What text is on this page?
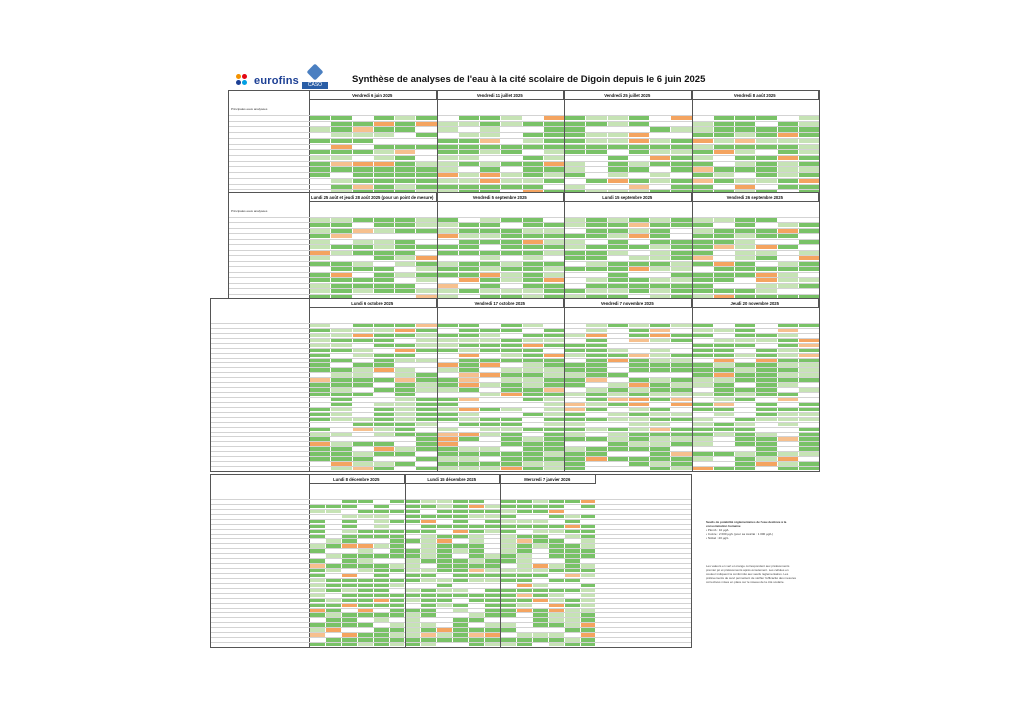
eurofins	CASO	Synthèse de analyses de l'eau à la cité scolaire de Digoin depuis le 6 juin 2025
Vendredi 6 juin 2025	Vendredi 11 juillet 2025	Vendredi 25 juillet 2025	Vendredi 8 août 2025
Principales eaux analysées
Lundi 25 août et jeudi 28 août 2025 (pour un point de mesure)	Vendredi 5 septembre 2025	Lundi 15 septembre 2025	Vendredi 26 septembre 2025
Principales eaux analysées
Lundi 6 octobre 2025	Vendredi 17 octobre 2025	Vendredi 7 novembre 2025	Jeudi 20 novembre 2025
Lundi 8 décembre 2025	Lundi 15 décembre 2025	Mercredi 7 janvier 2026
Seuils de potabilité réglementaires de l'eau destinée à la consommation humaine
• Plomb : 10 µg/L
• Cuivre : 2 000 µg/L (pour sa toxicité : 1 000 µg/L)
• Nickel : 20 µg/L
Les valeurs en vert et orange correspondent aux prélèvements premier jet et prélèvements après écoulement. Les cellules en couleur indiquent la conformité aux seuils réglementaires. Les prélèvements de suivi permettent de vérifier l'efficacité des mesures correctives mises en place sur le réseau de la cité scolaire.
